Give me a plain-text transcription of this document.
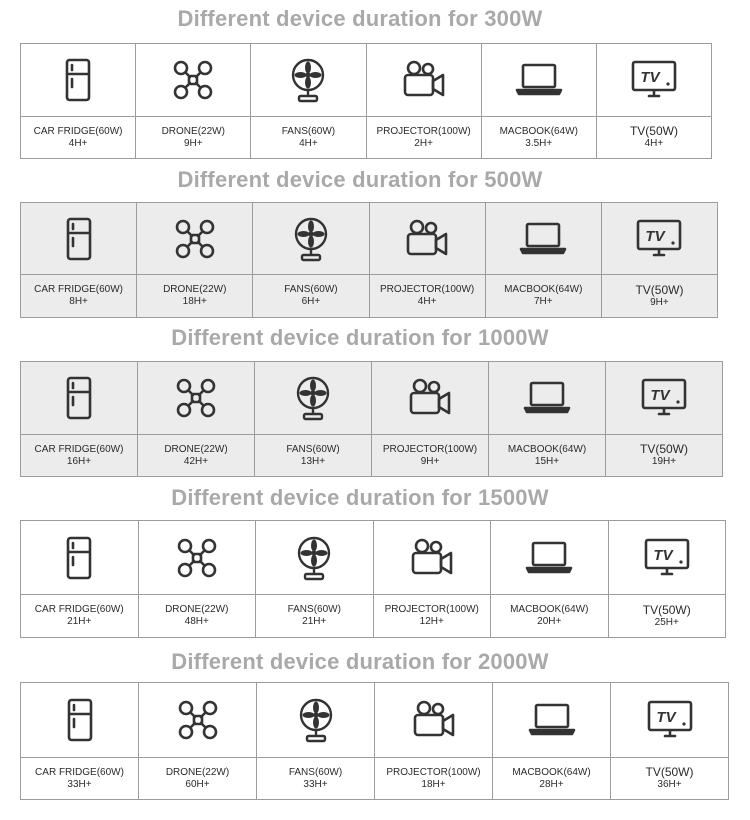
Different device duration for 300W
CAR FRIDGE(60W)
4H+
DRONE(22W)
9H+
FANS(60W)
4H+
PROJECTOR(100W)
2H+
MACBOOK(64W)
3.5H+
TV(50W)
4H+
Different device duration for 500W
CAR FRIDGE(60W)
8H+
DRONE(22W)
18H+
FANS(60W)
6H+
PROJECTOR(100W)
4H+
MACBOOK(64W)
7H+
TV(50W)
9H+
Different device duration for 1000W
CAR FRIDGE(60W)
16H+
DRONE(22W)
42H+
FANS(60W)
13H+
PROJECTOR(100W)
9H+
MACBOOK(64W)
15H+
TV(50W)
19H+
Different device duration for 1500W
CAR FRIDGE(60W)
21H+
DRONE(22W)
48H+
FANS(60W)
21H+
PROJECTOR(100W)
12H+
MACBOOK(64W)
20H+
TV(50W)
25H+
Different device duration for 2000W
CAR FRIDGE(60W)
33H+
DRONE(22W)
60H+
FANS(60W)
33H+
PROJECTOR(100W)
18H+
MACBOOK(64W)
28H+
TV(50W)
36H+
